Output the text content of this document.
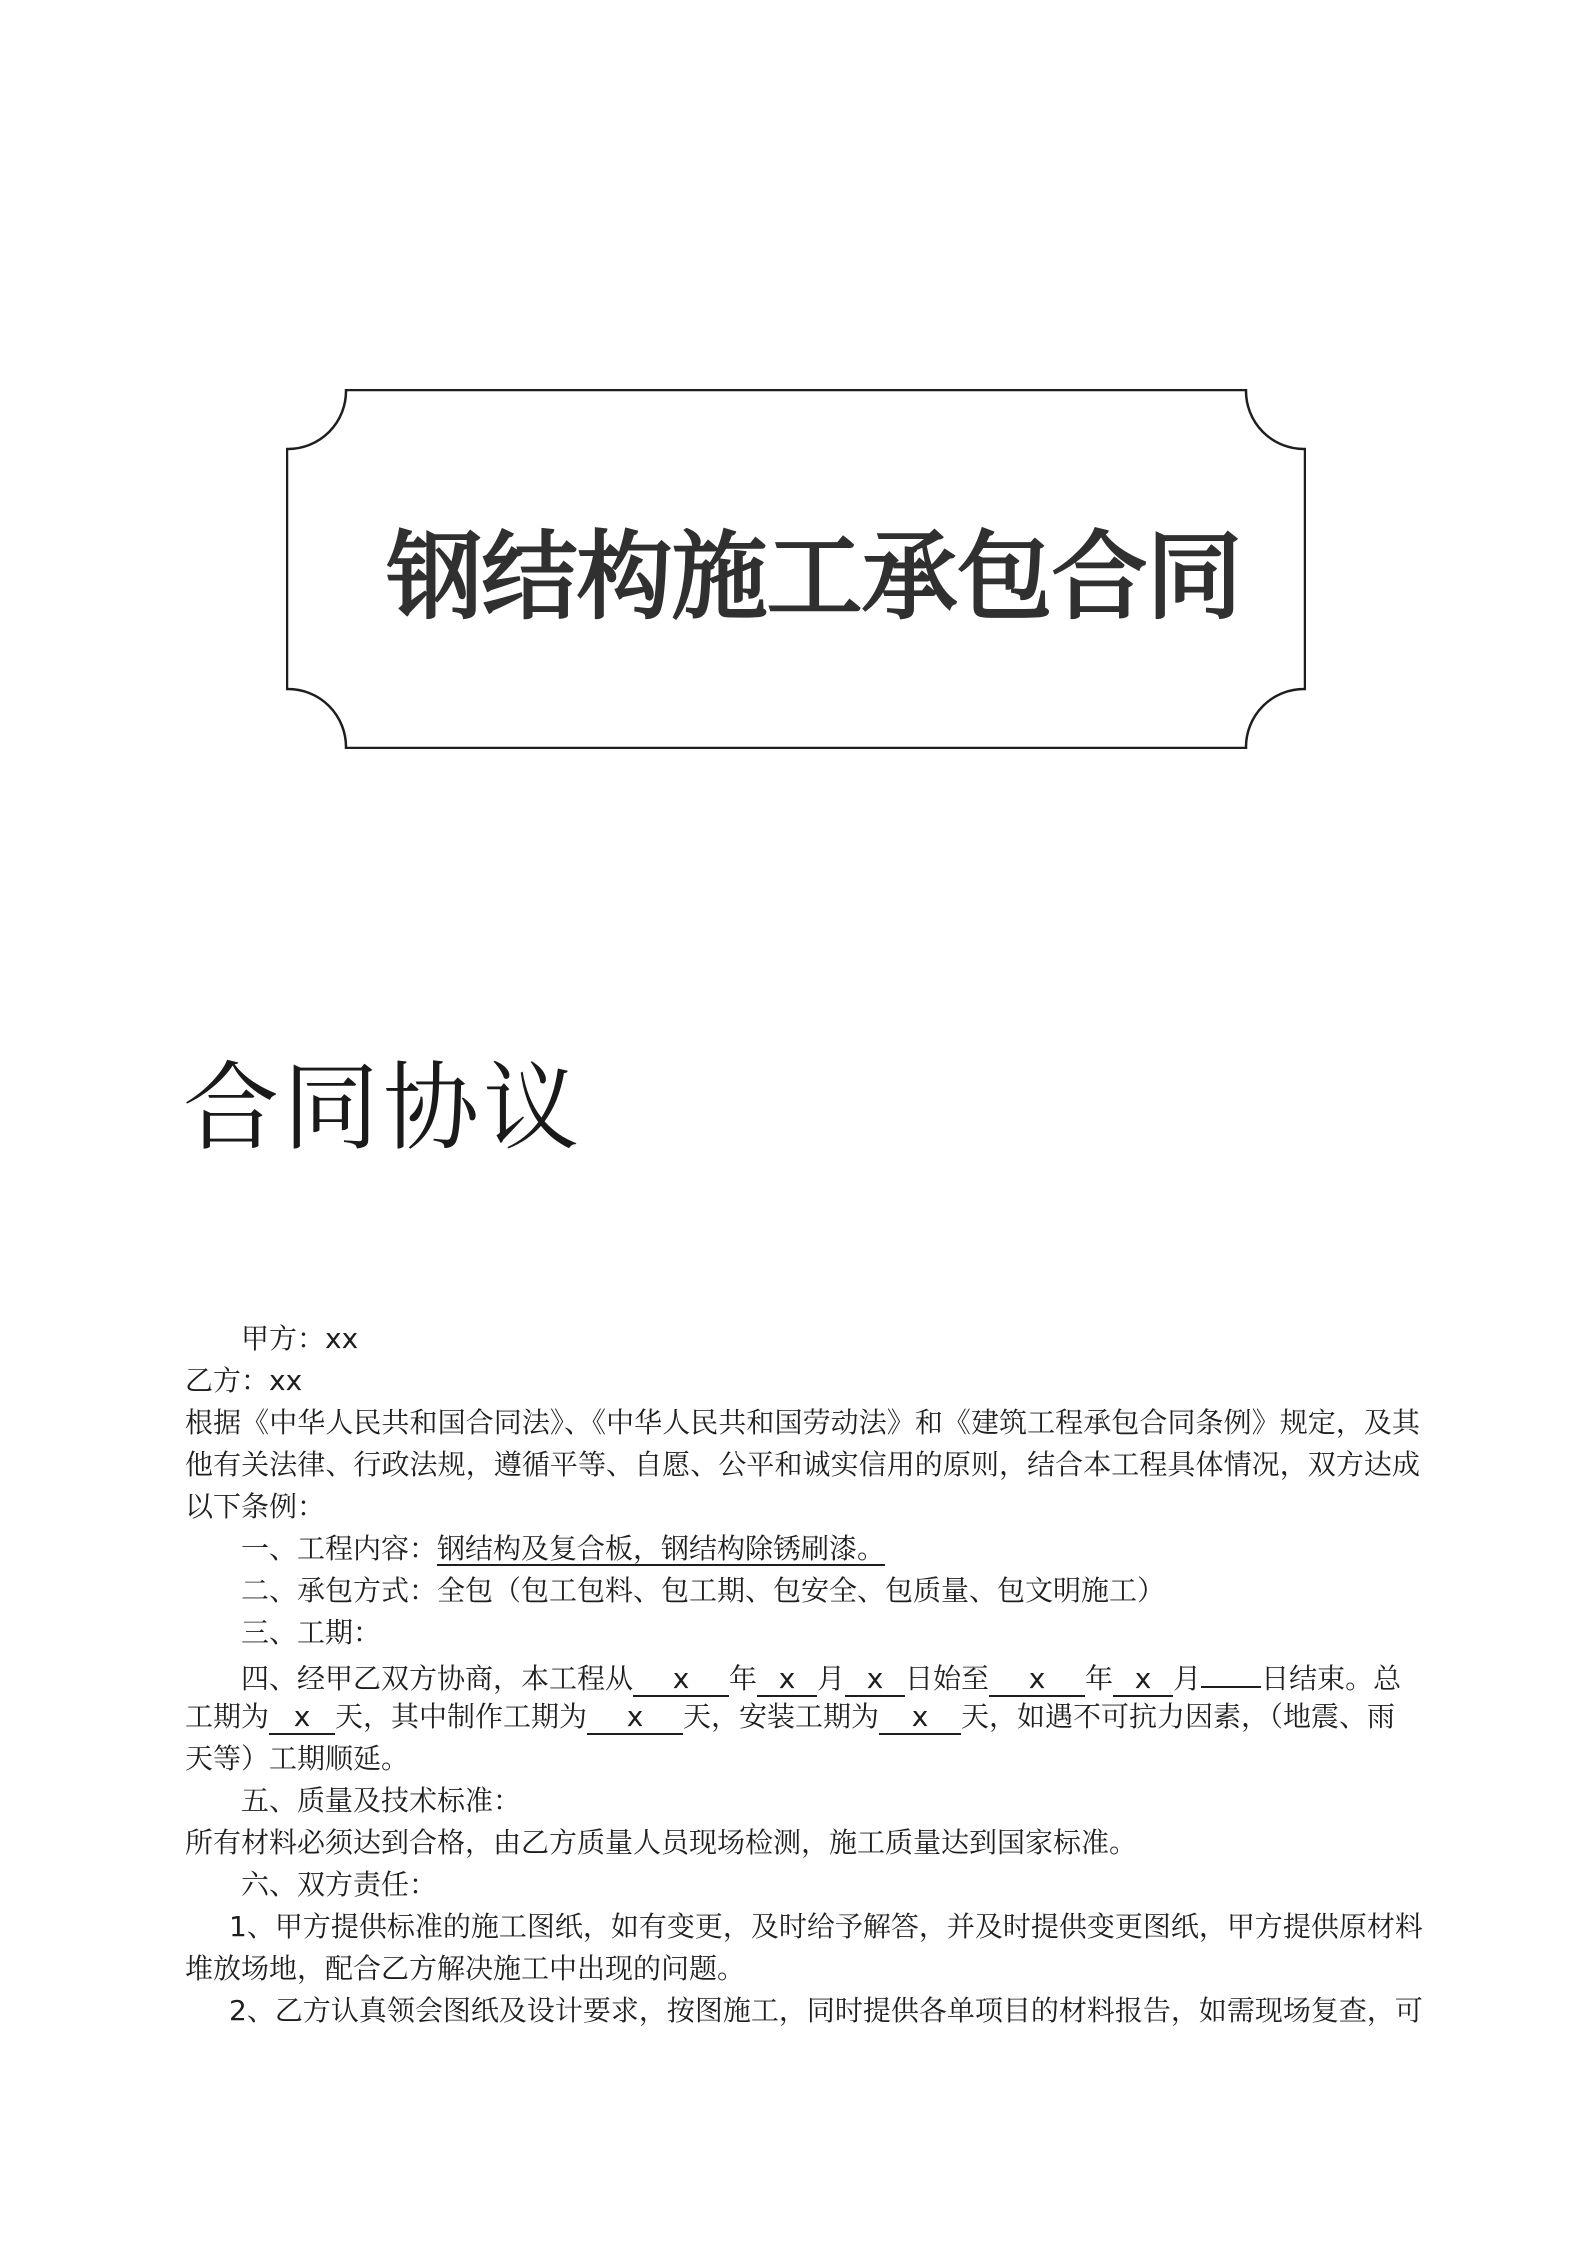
钢结构施工承包合同
合同协议
甲方：xx
乙方：xx
根据《中华人民共和国合同法》、《中华人民共和国劳动法》和《建筑工程承包合同条例》规定，及其
他有关法律、行政法规，遵循平等、自愿、公平和诚实信用的原则，结合本工程具体情况，双方达成
以下条例：
一、工程内容：钢结构及复合板，钢结构除锈刷漆。
二、承包方式：全包（包工包料、包工期、包安全、包质量、包文明施工）
三、工期：
四、经甲乙双方协商，本工程从 x 年 x 月 x 日始至 x 年 x 月 日结束。总
工期为 x 天，其中制作工期为 x 天，安装工期为 x 天，如遇不可抗力因素，（地震、雨
天等）工期顺延。
五、质量及技术标准：
所有材料必须达到合格，由乙方质量人员现场检测，施工质量达到国家标准。
六、双方责任：
1、甲方提供标准的施工图纸，如有变更，及时给予解答，并及时提供变更图纸，甲方提供原材料
堆放场地，配合乙方解决施工中出现的问题。
2、乙方认真领会图纸及设计要求，按图施工，同时提供各单项目的材料报告，如需现场复查，可
